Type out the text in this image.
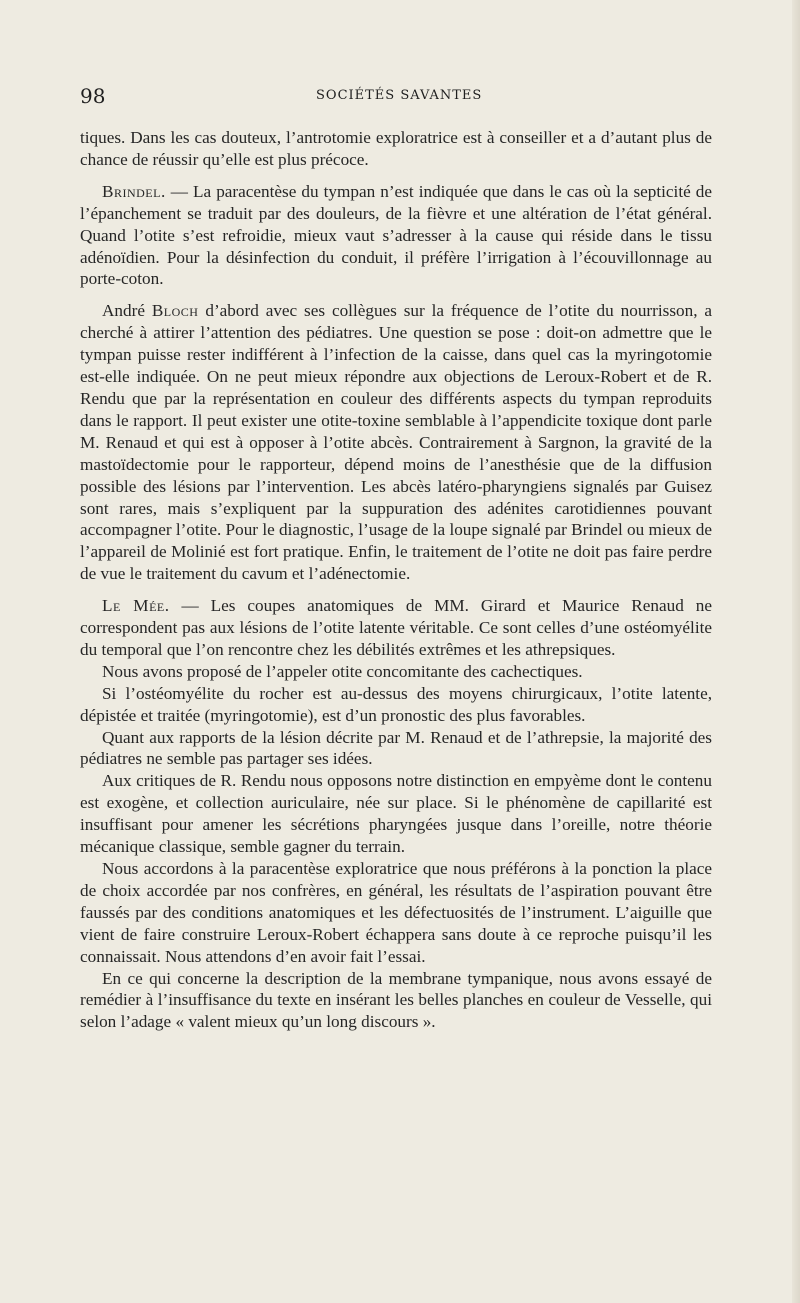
98	SOCIÉTÉS SAVANTES

tiques. Dans les cas douteux, l’antrotomie exploratrice est à conseiller et a d’autant plus de chance de réussir qu’elle est plus précoce.

Brindel. — La paracentèse du tympan n’est indiquée que dans le cas où la septicité de l’épanchement se traduit par des douleurs, de la fièvre et une altération de l’état général. Quand l’otite s’est refroidie, mieux vaut s’adresser à la cause qui réside dans le tissu adénoïdien. Pour la désinfection du conduit, il préfère l’irrigation à l’écouvillonnage au porte-coton.

André Bloch d’abord avec ses collègues sur la fréquence de l’otite du nourrisson, a cherché à attirer l’attention des pédiatres. Une question se pose : doit-on admettre que le tympan puisse rester indifférent à l’infection de la caisse, dans quel cas la myringotomie est-elle indiquée. On ne peut mieux répondre aux objections de Leroux-Robert et de R. Rendu que par la représentation en couleur des différents aspects du tympan reproduits dans le rapport. Il peut exister une otite-toxine semblable à l’appendicite toxique dont parle M. Renaud et qui est à opposer à l’otite abcès. Contrairement à Sargnon, la gravité de la mastoïdectomie pour le rapporteur, dépend moins de l’anesthésie que de la diffusion possible des lésions par l’intervention. Les abcès latéro-pharyngiens signalés par Guisez sont rares, mais s’expliquent par la suppuration des adénites carotidiennes pouvant accompagner l’otite. Pour le diagnostic, l’usage de la loupe signalé par Brindel ou mieux de l’appareil de Molinié est fort pratique. Enfin, le traitement de l’otite ne doit pas faire perdre de vue le traitement du cavum et l’adénectomie.

Le Mée. — Les coupes anatomiques de MM. Girard et Maurice Renaud ne correspondent pas aux lésions de l’otite latente véritable. Ce sont celles d’une ostéomyélite du temporal que l’on rencontre chez les débilités extrêmes et les athrepsiques.

Nous avons proposé de l’appeler otite concomitante des cachectiques.

Si l’ostéomyélite du rocher est au-dessus des moyens chirurgicaux, l’otite latente, dépistée et traitée (myringotomie), est d’un pronostic des plus favorables.

Quant aux rapports de la lésion décrite par M. Renaud et de l’athrepsie, la majorité des pédiatres ne semble pas partager ses idées.

Aux critiques de R. Rendu nous opposons notre distinction en empyème dont le contenu est exogène, et collection auriculaire, née sur place. Si le phénomène de capillarité est insuffisant pour amener les sécrétions pharyngées jusque dans l’oreille, notre théorie mécanique classique, semble gagner du terrain.

Nous accordons à la paracentèse exploratrice que nous préférons à la ponction la place de choix accordée par nos confrères, en général, les résultats de l’aspiration pouvant être faussés par des conditions anatomiques et les défectuosités de l’instrument. L’aiguille que vient de faire construire Leroux-Robert échappera sans doute à ce reproche puisqu’il les connaissait. Nous attendons d’en avoir fait l’essai.

En ce qui concerne la description de la membrane tympanique, nous avons essayé de remédier à l’insuffisance du texte en insérant les belles planches en couleur de Vesselle, qui selon l’adage « valent mieux qu’un long discours ».
